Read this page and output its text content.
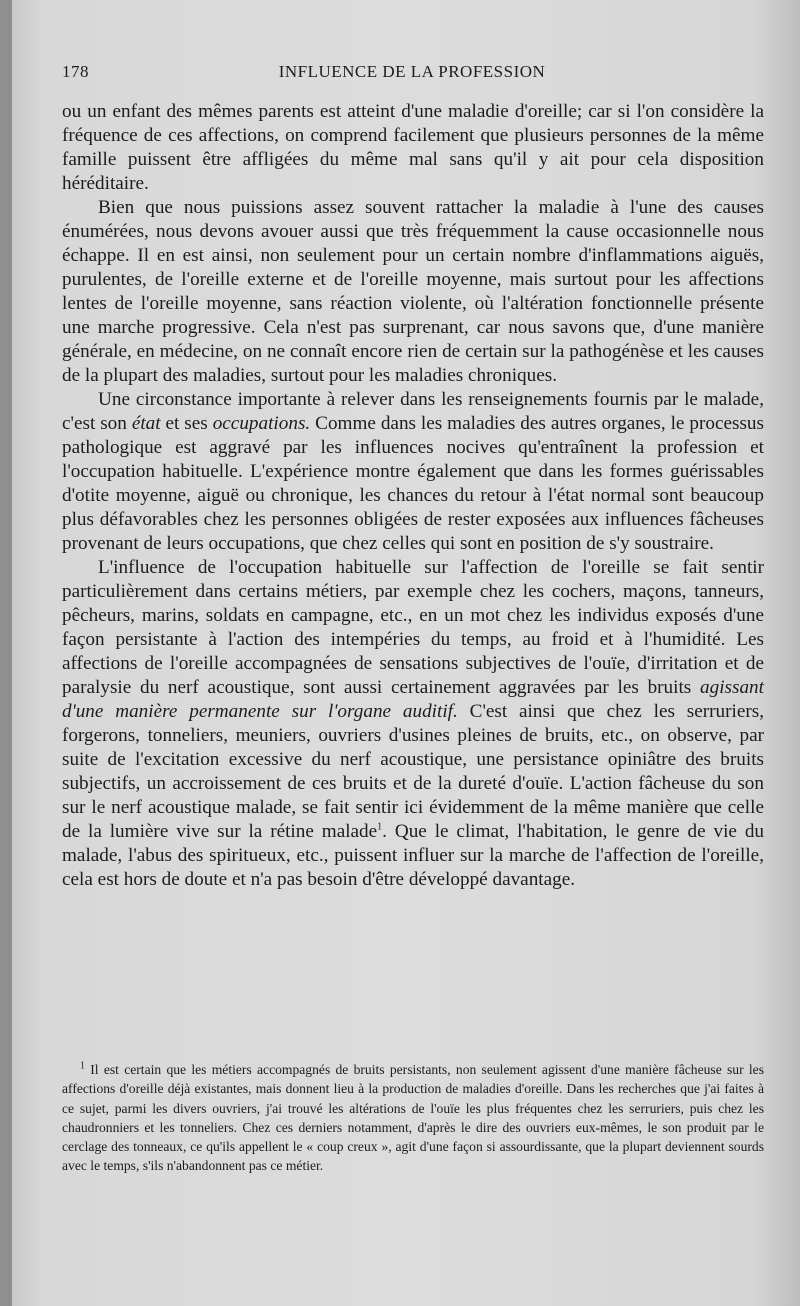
178	INFLUENCE DE LA PROFESSION

ou un enfant des mêmes parents est atteint d'une maladie d'oreille; car si l'on considère la fréquence de ces affections, on comprend facilement que plusieurs personnes de la même famille puissent être affligées du même mal sans qu'il y ait pour cela disposition héréditaire.

Bien que nous puissions assez souvent rattacher la maladie à l'une des causes énumérées, nous devons avouer aussi que très fréquemment la cause occasionnelle nous échappe. Il en est ainsi, non seulement pour un certain nombre d'inflammations aiguës, purulentes, de l'oreille externe et de l'oreille moyenne, mais surtout pour les affections lentes de l'oreille moyenne, sans réaction violente, où l'altération fonctionnelle présente une marche progressive. Cela n'est pas surprenant, car nous savons que, d'une manière générale, en médecine, on ne connaît encore rien de certain sur la pathogénèse et les causes de la plupart des maladies, surtout pour les maladies chroniques.

Une circonstance importante à relever dans les renseignements fournis par le malade, c'est son état et ses occupations. Comme dans les maladies des autres organes, le processus pathologique est aggravé par les influences nocives qu'entraînent la profession et l'occupation habituelle. L'expérience montre également que dans les formes guérissables d'otite moyenne, aiguë ou chronique, les chances du retour à l'état normal sont beaucoup plus défavorables chez les personnes obligées de rester exposées aux influences fâcheuses provenant de leurs occupations, que chez celles qui sont en position de s'y soustraire.

L'influence de l'occupation habituelle sur l'affection de l'oreille se fait sentir particulièrement dans certains métiers, par exemple chez les cochers, maçons, tanneurs, pêcheurs, marins, soldats en campagne, etc., en un mot chez les individus exposés d'une façon persistante à l'action des intempéries du temps, au froid et à l'humidité. Les affections de l'oreille accompagnées de sensations subjectives de l'ouïe, d'irritation et de paralysie du nerf acoustique, sont aussi certainement aggravées par les bruits agissant d'une manière permanente sur l'organe auditif. C'est ainsi que chez les serruriers, forgerons, tonneliers, meuniers, ouvriers d'usines pleines de bruits, etc., on observe, par suite de l'excitation excessive du nerf acoustique, une persistance opiniâtre des bruits subjectifs, un accroissement de ces bruits et de la dureté d'ouïe. L'action fâcheuse du son sur le nerf acoustique malade, se fait sentir ici évidemment de la même manière que celle de la lumière vive sur la rétine malade$^1$. Que le climat, l'habitation, le genre de vie du malade, l'abus des spiritueux, etc., puissent influer sur la marche de l'affection de l'oreille, cela est hors de doute et n'a pas besoin d'être développé davantage.

$^1$ Il est certain que les métiers accompagnés de bruits persistants, non seulement agissent d'une manière fâcheuse sur les affections d'oreille déjà existantes, mais donnent lieu à la production de maladies d'oreille. Dans les recherches que j'ai faites à ce sujet, parmi les divers ouvriers, j'ai trouvé les altérations de l'ouïe les plus fréquentes chez les serruriers, puis chez les chaudronniers et les tonneliers. Chez ces derniers notamment, d'après le dire des ouvriers eux-mêmes, le son produit par le cerclage des tonneaux, ce qu'ils appellent le « coup creux », agit d'une façon si assourdissante, que la plupart deviennent sourds avec le temps, s'ils n'abandonnent pas ce métier.
